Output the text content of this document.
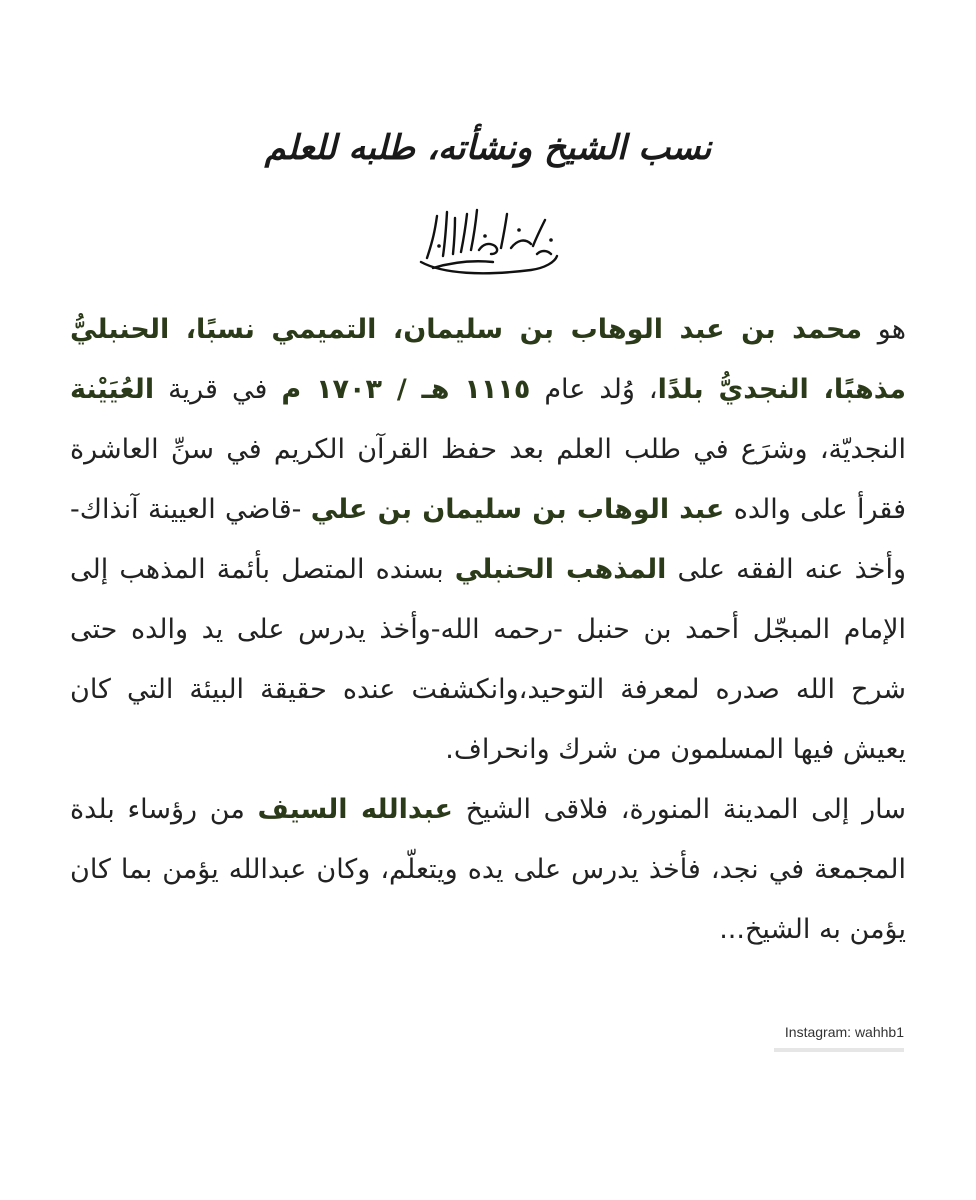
نسب الشيخ ونشأته، طلبه للعلم

هو محمد بن عبد الوهاب بن سليمان، التميمي نسبًا، الحنبليُّ مذهبًا، النجديُّ بلدًا، وُلد عام ١١١٥ هـ / ١٧٠٣ م في قرية العُيَيْنة النجديّة، وشرَع في طلب العلم بعد حفظ القرآن الكريم في سنِّ العاشرة فقرأ على والده عبد الوهاب بن سليمان بن علي -قاضي العيينة آنذاك- وأخذ عنه الفقه على المذهب الحنبلي بسنده المتصل بأئمة المذهب إلى الإمام المبجّل أحمد بن حنبل -رحمه الله-وأخذ يدرس على يد والده حتى شرح الله صدره لمعرفة التوحيد،وانكشفت عنده حقيقة البيئة التي كان يعيش فيها المسلمون من شرك وانحراف.

سار إلى المدينة المنورة، فلاقى الشيخ عبدالله السيف من رؤساء بلدة المجمعة في نجد، فأخذ يدرس على يده ويتعلّم، وكان عبدالله يؤمن بما كان يؤمن به الشيخ...

Instagram: wahhb1
